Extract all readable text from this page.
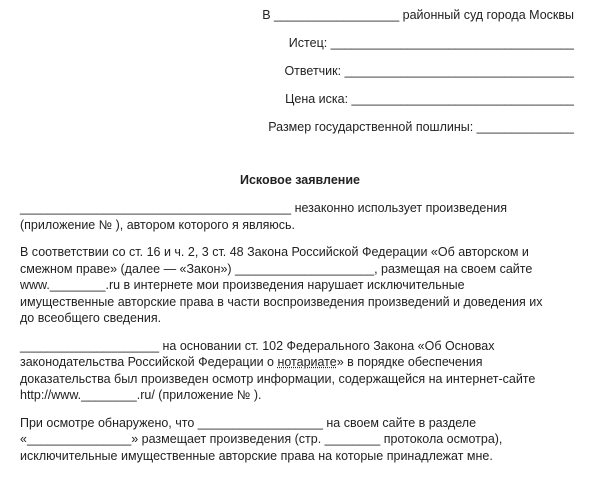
В __________________ районный суд города Москвы
Истец: ___________________________________
Ответчик: _________________________________
Цена иска: ________________________________
Размер государственной пошлины: ______________
Исковое заявление
_______________________________________ незаконно использует произведения
(приложение № ), автором которого я являюсь.
В соответствии со ст. 16 и ч. 2, 3 ст. 48 Закона Российской Федерации «Об авторском и
смежном праве» (далее — «Закон») ____________________, размещая на своем сайте
www.________.ru в интернете мои произведения нарушает исключительные
имущественные авторские права в части воспроизведения произведений и доведения их
до всеобщего сведения.
____________________ на основании ст. 102 Федерального Закона «Об Основах
законодательства Российской Федерации о нотариате» в порядке обеспечения
доказательства был произведен осмотр информации, содержащейся на интернет-сайте
http://www.________.ru/ (приложение № ).
При осмотре обнаружено, что __________________ на своем сайте в разделе
«_______________» размещает произведения (стр. ________ протокола осмотра),
исключительные имущественные авторские права на которые принадлежат мне.
